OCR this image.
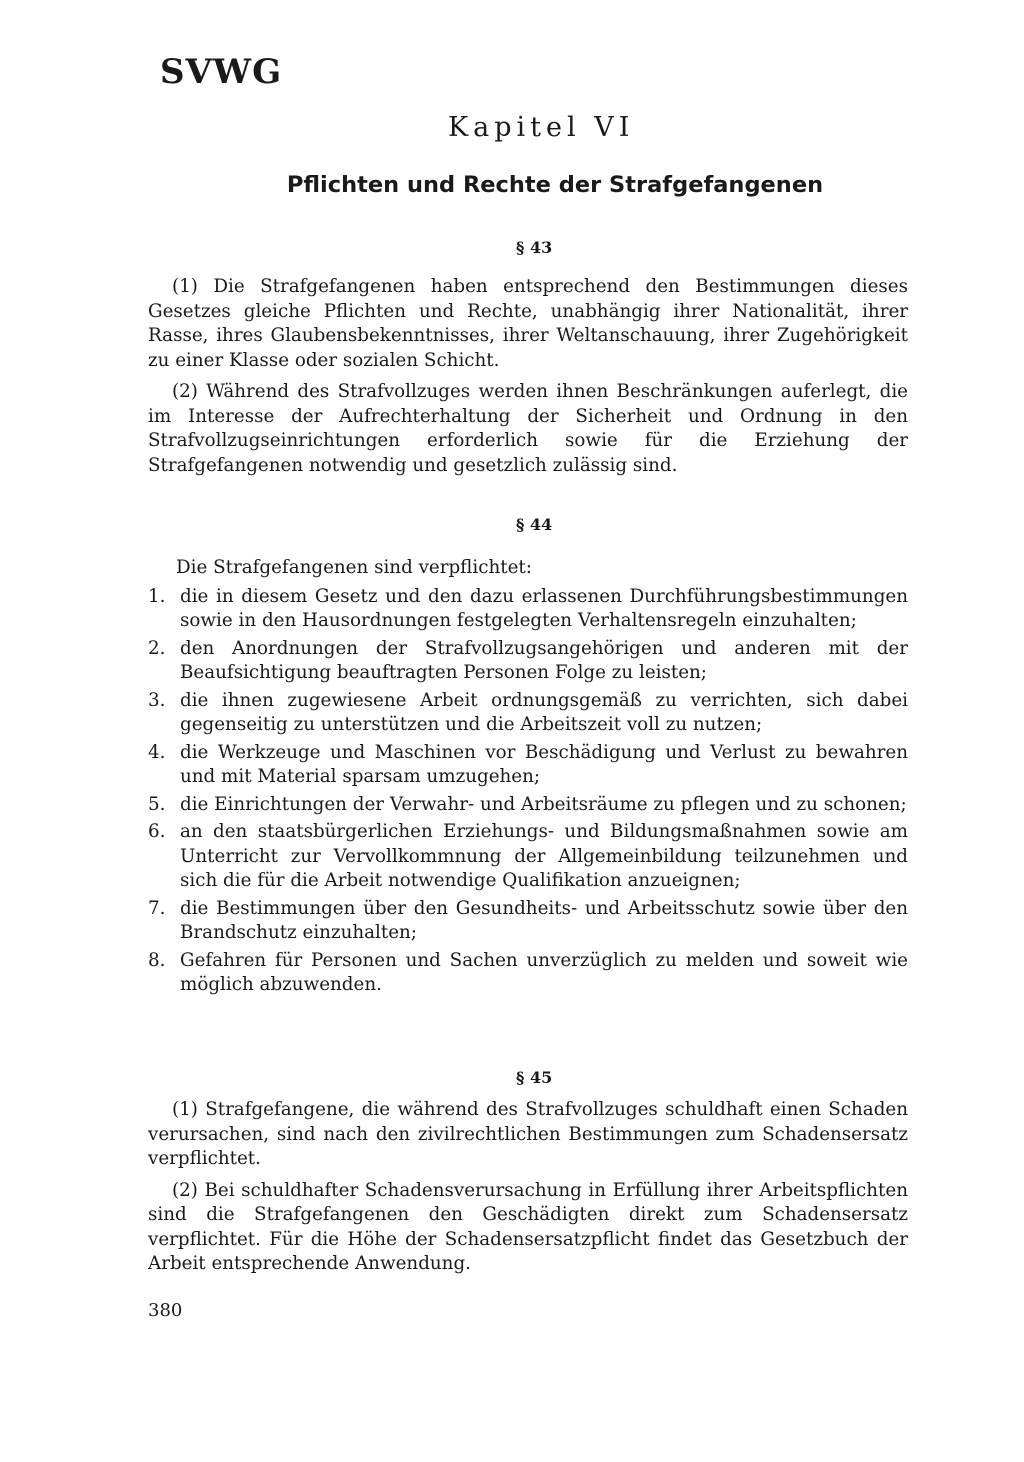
SVWG
Kapitel VI
Pflichten und Rechte der Strafgefangenen
§ 43

(1) Die Strafgefangenen haben entsprechend den Bestimmungen dieses Gesetzes gleiche Pflichten und Rechte, unabhängig ihrer Nationalität, ihrer Rasse, ihres Glaubensbekenntnisses, ihrer Weltanschauung, ihrer Zugehörigkeit zu einer Klasse oder sozialen Schicht.

(2) Während des Strafvollzuges werden ihnen Beschränkungen auferlegt, die im Interesse der Aufrechterhaltung der Sicherheit und Ordnung in den Strafvollzugseinrichtungen erforderlich sowie für die Erziehung der Strafgefangenen notwendig und gesetzlich zulässig sind.

§ 44

Die Strafgefangenen sind verpflichtet:

1. die in diesem Gesetz und den dazu erlassenen Durchführungsbestimmungen sowie in den Hausordnungen festgelegten Verhaltensregeln einzuhalten;
2. den Anordnungen der Strafvollzugsangehörigen und anderen mit der Beaufsichtigung beauftragten Personen Folge zu leisten;
3. die ihnen zugewiesene Arbeit ordnungsgemäß zu verrichten, sich dabei gegenseitig zu unterstützen und die Arbeitszeit voll zu nutzen;
4. die Werkzeuge und Maschinen vor Beschädigung und Verlust zu bewahren und mit Material sparsam umzugehen;
5. die Einrichtungen der Verwahr- und Arbeitsräume zu pflegen und zu schonen;
6. an den staatsbürgerlichen Erziehungs- und Bildungsmaßnahmen sowie am Unterricht zur Vervollkommnung der Allgemeinbildung teilzunehmen und sich die für die Arbeit notwendige Qualifikation anzueignen;
7. die Bestimmungen über den Gesundheits- und Arbeitsschutz sowie über den Brandschutz einzuhalten;
8. Gefahren für Personen und Sachen unverzüglich zu melden und soweit wie möglich abzuwenden.
§ 45

(1) Strafgefangene, die während des Strafvollzuges schuldhaft einen Schaden verursachen, sind nach den zivilrechtlichen Bestimmungen zum Schadensersatz verpflichtet.

(2) Bei schuldhafter Schadensverursachung in Erfüllung ihrer Arbeitspflichten sind die Strafgefangenen den Geschädigten direkt zum Schadensersatz verpflichtet. Für die Höhe der Schadensersatzpflicht findet das Gesetzbuch der Arbeit entsprechende Anwendung.

380
